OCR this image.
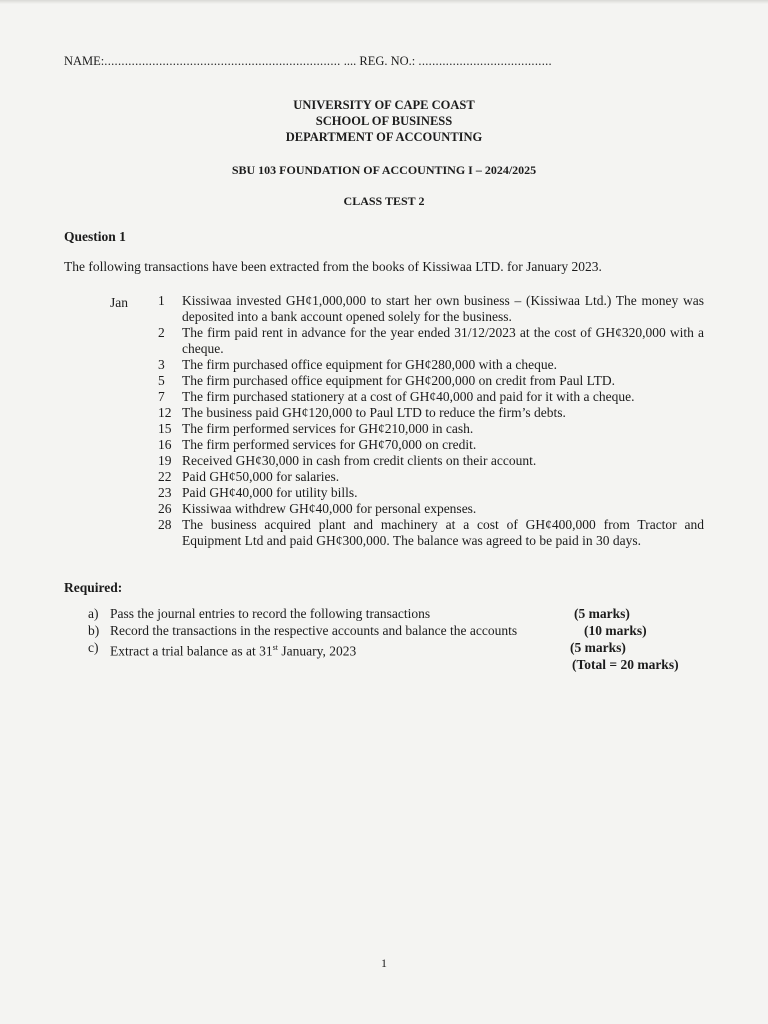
NAME:..................................................................... .... REG. NO.: .......................................
UNIVERSITY OF CAPE COAST
SCHOOL OF BUSINESS
DEPARTMENT OF ACCOUNTING
SBU 103 FOUNDATION OF ACCOUNTING I – 2024/2025
CLASS TEST 2
Question 1
The following transactions have been extracted from the books of Kissiwaa LTD. for January 2023.
Jan 1	Kissiwaa invested GH¢1,000,000 to start her own business – (Kissiwaa Ltd.) The money was deposited into a bank account opened solely for the business.
2	The firm paid rent in advance for the year ended 31/12/2023 at the cost of GH¢320,000 with a cheque.
3	The firm purchased office equipment for GH¢280,000 with a cheque.
5	The firm purchased office equipment for GH¢200,000 on credit from Paul LTD.
7	The firm purchased stationery at a cost of GH¢40,000 and paid for it with a cheque.
12 The business paid GH¢120,000 to Paul LTD to reduce the firm’s debts.
15 The firm performed services for GH¢210,000 in cash.
16 The firm performed services for GH¢70,000 on credit.
19 Received GH¢30,000 in cash from credit clients on their account.
22 Paid GH¢50,000 for salaries.
23 Paid GH¢40,000 for utility bills.
26 Kissiwaa withdrew GH¢40,000 for personal expenses.
28 The business acquired plant and machinery at a cost of GH¢400,000 from Tractor and Equipment Ltd and paid GH¢300,000. The balance was agreed to be paid in 30 days.
Required:
a) Pass the journal entries to record the following transactions	(5 marks)
b) Record the transactions in the respective accounts and balance the accounts	(10 marks)
c) Extract a trial balance as at 31st January, 2023	(5 marks)
(Total = 20 marks)
1
